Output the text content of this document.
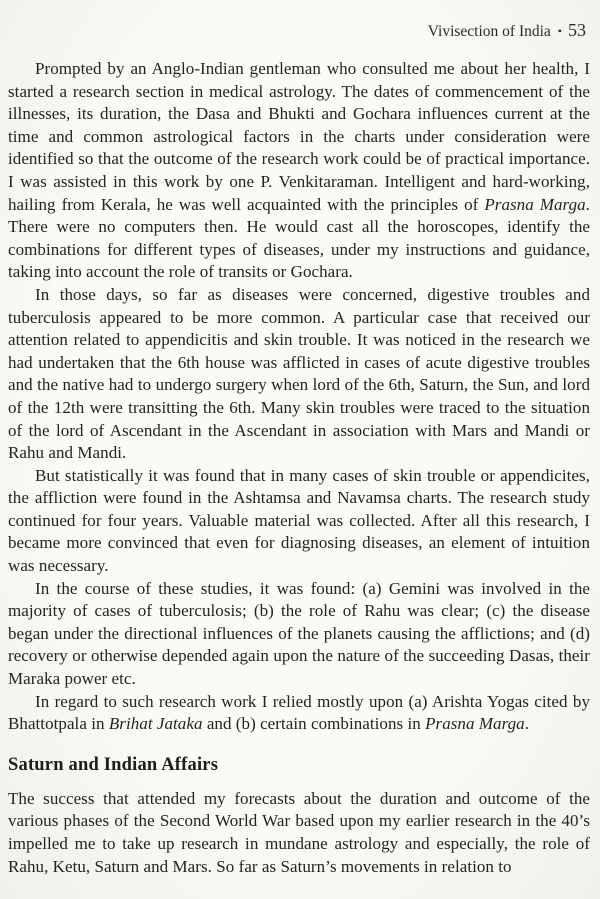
Vivisection of India • 53

Prompted by an Anglo-Indian gentleman who consulted me about her health, I started a research section in medical astrology. The dates of commencement of the illnesses, its duration, the Dasa and Bhukti and Gochara influences current at the time and common astrological factors in the charts under consideration were identified so that the outcome of the research work could be of practical importance. I was assisted in this work by one P. Venkitaraman. Intelligent and hard-working, hailing from Kerala, he was well acquainted with the principles of Prasna Marga. There were no computers then. He would cast all the horoscopes, identify the combinations for different types of diseases, under my instructions and guidance, taking into account the role of transits or Gochara.

In those days, so far as diseases were concerned, digestive troubles and tuberculosis appeared to be more common. A particular case that received our attention related to appendicitis and skin trouble. It was noticed in the research we had undertaken that the 6th house was afflicted in cases of acute digestive troubles and the native had to undergo surgery when lord of the 6th, Saturn, the Sun, and lord of the 12th were transitting the 6th. Many skin troubles were traced to the situation of the lord of Ascendant in the Ascendant in association with Mars and Mandi or Rahu and Mandi.

But statistically it was found that in many cases of skin trouble or appendicites, the affliction were found in the Ashtamsa and Navamsa charts. The research study continued for four years. Valuable material was collected. After all this research, I became more convinced that even for diagnosing diseases, an element of intuition was necessary.

In the course of these studies, it was found: (a) Gemini was involved in the majority of cases of tuberculosis; (b) the role of Rahu was clear; (c) the disease began under the directional influences of the planets causing the afflictions; and (d) recovery or otherwise depended again upon the nature of the succeeding Dasas, their Maraka power etc.

In regard to such research work I relied mostly upon (a) Arishta Yogas cited by Bhattotpala in Brihat Jataka and (b) certain combinations in Prasna Marga.

Saturn and Indian Affairs

The success that attended my forecasts about the duration and outcome of the various phases of the Second World War based upon my earlier research in the 40’s impelled me to take up research in mundane astrology and especially, the role of Rahu, Ketu, Saturn and Mars. So far as Saturn’s movements in relation to
